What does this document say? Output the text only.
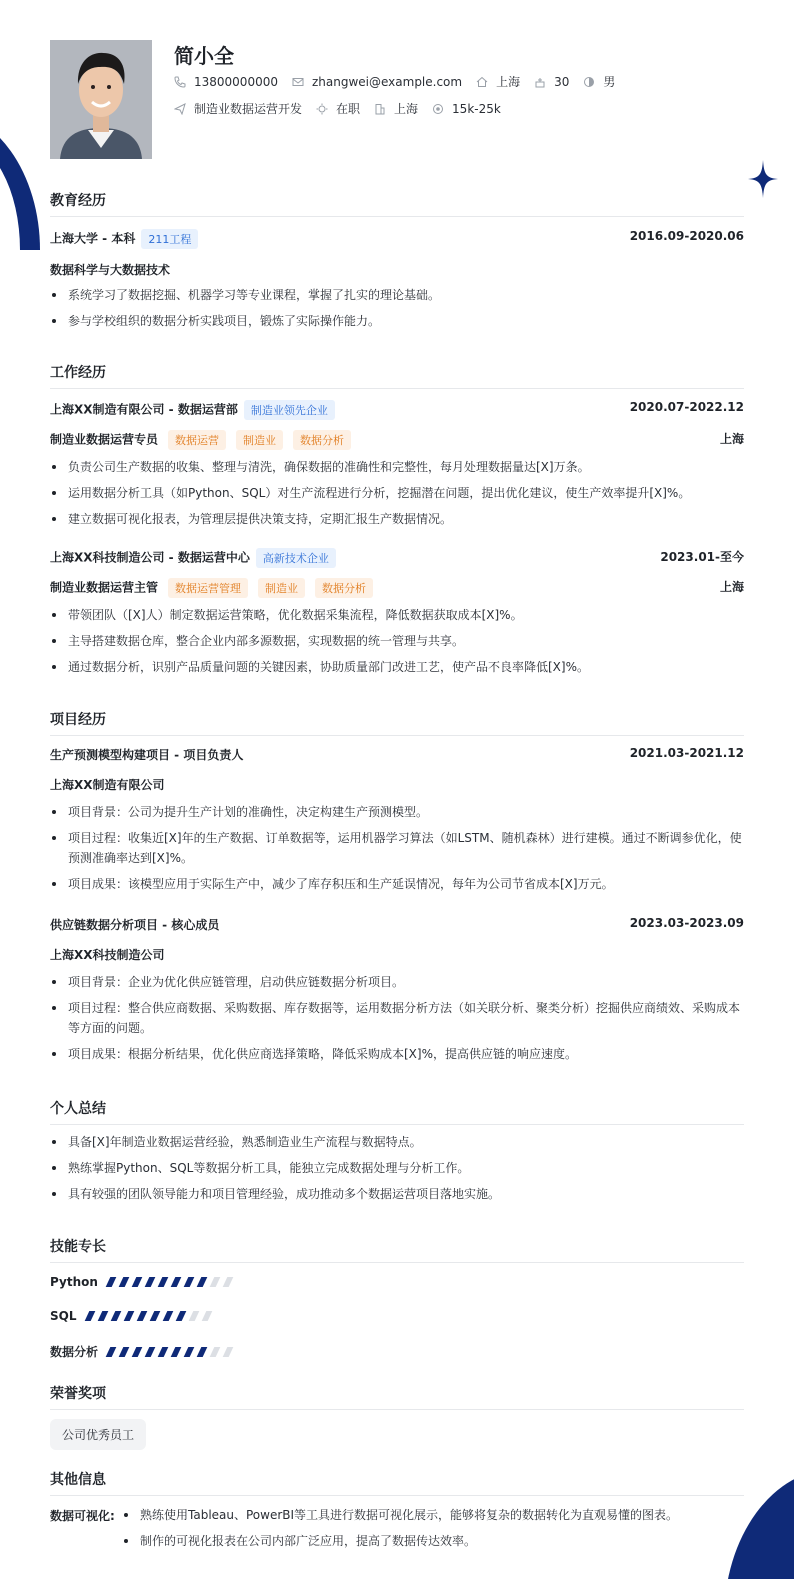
简小全
13800000000	zhangwei@example.com	上海	30	男
制造业数据运营开发	在职	上海	15k-25k
教育经历
上海大学 - 本科 211工程	2016.09-2020.06
数据科学与大数据技术
系统学习了数据挖掘、机器学习等专业课程，掌握了扎实的理论基础。
参与学校组织的数据分析实践项目，锻炼了实际操作能力。
工作经历
上海XX制造有限公司 - 数据运营部 制造业领先企业	2020.07-2022.12
制造业数据运营专员 数据运营 制造业 数据分析	上海
负责公司生产数据的收集、整理与清洗，确保数据的准确性和完整性，每月处理数据量达[X]万条。
运用数据分析工具（如Python、SQL）对生产流程进行分析，挖掘潜在问题，提出优化建议，使生产效率提升[X]%。
建立数据可视化报表，为管理层提供决策支持，定期汇报生产数据情况。
上海XX科技制造公司 - 数据运营中心 高新技术企业	2023.01-至今
制造业数据运营主管 数据运营管理 制造业 数据分析	上海
带领团队（[X]人）制定数据运营策略，优化数据采集流程，降低数据获取成本[X]%。
主导搭建数据仓库，整合企业内部多源数据，实现数据的统一管理与共享。
通过数据分析，识别产品质量问题的关键因素，协助质量部门改进工艺，使产品不良率降低[X]%。
项目经历
生产预测模型构建项目 - 项目负责人	2021.03-2021.12
上海XX制造有限公司
项目背景：公司为提升生产计划的准确性，决定构建生产预测模型。
项目过程：收集近[X]年的生产数据、订单数据等，运用机器学习算法（如LSTM、随机森林）进行建模。通过不断调参优化，使预测准确率达到[X]%。
项目成果：该模型应用于实际生产中，减少了库存积压和生产延误情况，每年为公司节省成本[X]万元。
供应链数据分析项目 - 核心成员	2023.03-2023.09
上海XX科技制造公司
项目背景：企业为优化供应链管理，启动供应链数据分析项目。
项目过程：整合供应商数据、采购数据、库存数据等，运用数据分析方法（如关联分析、聚类分析）挖掘供应商绩效、采购成本等方面的问题。
项目成果：根据分析结果，优化供应商选择策略，降低采购成本[X]%，提高供应链的响应速度。
个人总结
具备[X]年制造业数据运营经验，熟悉制造业生产流程与数据特点。
熟练掌握Python、SQL等数据分析工具，能独立完成数据处理与分析工作。
具有较强的团队领导能力和项目管理经验，成功推动多个数据运营项目落地实施。
技能专长
Python
SQL
数据分析
荣誉奖项
公司优秀员工
其他信息
数据可视化:	熟练使用Tableau、PowerBI等工具进行数据可视化展示，能够将复杂的数据转化为直观易懂的图表。
制作的可视化报表在公司内部广泛应用，提高了数据传达效率。
